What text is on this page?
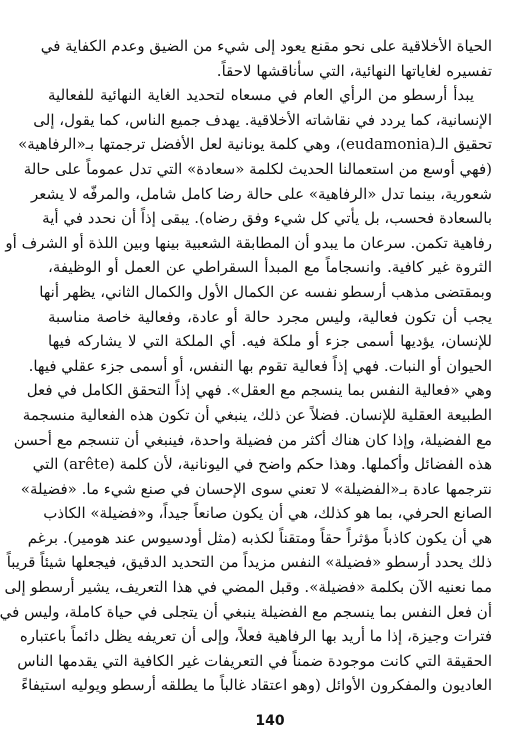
الحياة الأخلاقية على نحو مقنع يعود إلى شيء من الضيق وعدم الكفاية في
تفسيره لغاياتها النهائية، التي سأناقشها لاحقاً.
يبدأ أرسطو من الرأي العام في مسعاه لتحديد الغاية النهائية للفعالية
الإنسانية، كما يردد في نقاشاته الأخلاقية. يهدف جميع الناس، كما يقول، إلى
تحقيق الـ(eudamonia)، وهي كلمة يونانية لعل الأفضل ترجمتها بـ«الرفاهية»
(فهي أوسع من استعمالنا الحديث لكلمة «سعادة» التي تدل عموماً على حالة
شعورية، بينما تدل «الرفاهية» على حالة رضا كامل شامل، والمرفّه لا يشعر
بالسعادة فحسب، بل يأتي كل شيء وفق رضاه). يبقى إذاً أن نحدد في أية
رفاهية تكمن. سرعان ما يبدو أن المطابقة الشعبية بينها وبين اللذة أو الشرف أو
الثروة غير كافية. وانسجاماً مع المبدأ السقراطي عن العمل أو الوظيفة،
وبمقتضى مذهب أرسطو نفسه عن الكمال الأول والكمال الثاني، يظهر أنها
يجب أن تكون فعالية، وليس مجرد حالة أو عادة، وفعالية خاصة مناسبة
للإنسان، يؤديها أسمى جزء أو ملكة فيه. أي الملكة التي لا يشاركه فيها
الحيوان أو النبات. فهي إذاً فعالية تقوم بها النفس، أو أسمى جزء عقلي فيها.
وهي «فعالية النفس بما ينسجم مع العقل». فهي إذاً التحقق الكامل في فعل
الطبيعة العقلية للإنسان. فضلاً عن ذلك، ينبغي أن تكون هذه الفعالية منسجمة
مع الفضيلة، وإذا كان هناك أكثر من فضيلة واحدة، فينبغي أن تنسجم مع أحسن
هذه الفضائل وأكملها. وهذا حكم واضح في اليونانية، لأن كلمة (arête) التي
نترجمها عادة بـ«الفضيلة» لا تعني سوى الإحسان في صنع شيء ما. «فضيلة»
الصانع الحرفي، بما هو كذلك، هي أن يكون صانعاً جيداً، و«فضيلة» الكاذب
هي أن يكون كاذباً مؤثراً حقاً ومتقناً لكذبه (مثل أودسيوس عند هومير). برغم
ذلك يحدد أرسطو «فضيلة» النفس مزيداً من التحديد الدقيق، فيجعلها شيئاً قريباً
مما نعنيه الآن بكلمة «فضيلة». وقبل المضي في هذا التعريف، يشير أرسطو إلى
أن فعل النفس بما ينسجم مع الفضيلة ينبغي أن يتجلى في حياة كاملة، وليس في
فترات وجيزة، إذا ما أريد بها الرفاهية فعلاً، وإلى أن تعريفه يظل دائماً باعتباره
الحقيقة التي كانت موجودة ضمناً في التعريفات غير الكافية التي يقدمها الناس
العاديون والمفكرون الأوائل (وهو اعتقاد غالباً ما يطلقه أرسطو ويوليه استيفاءً
140
